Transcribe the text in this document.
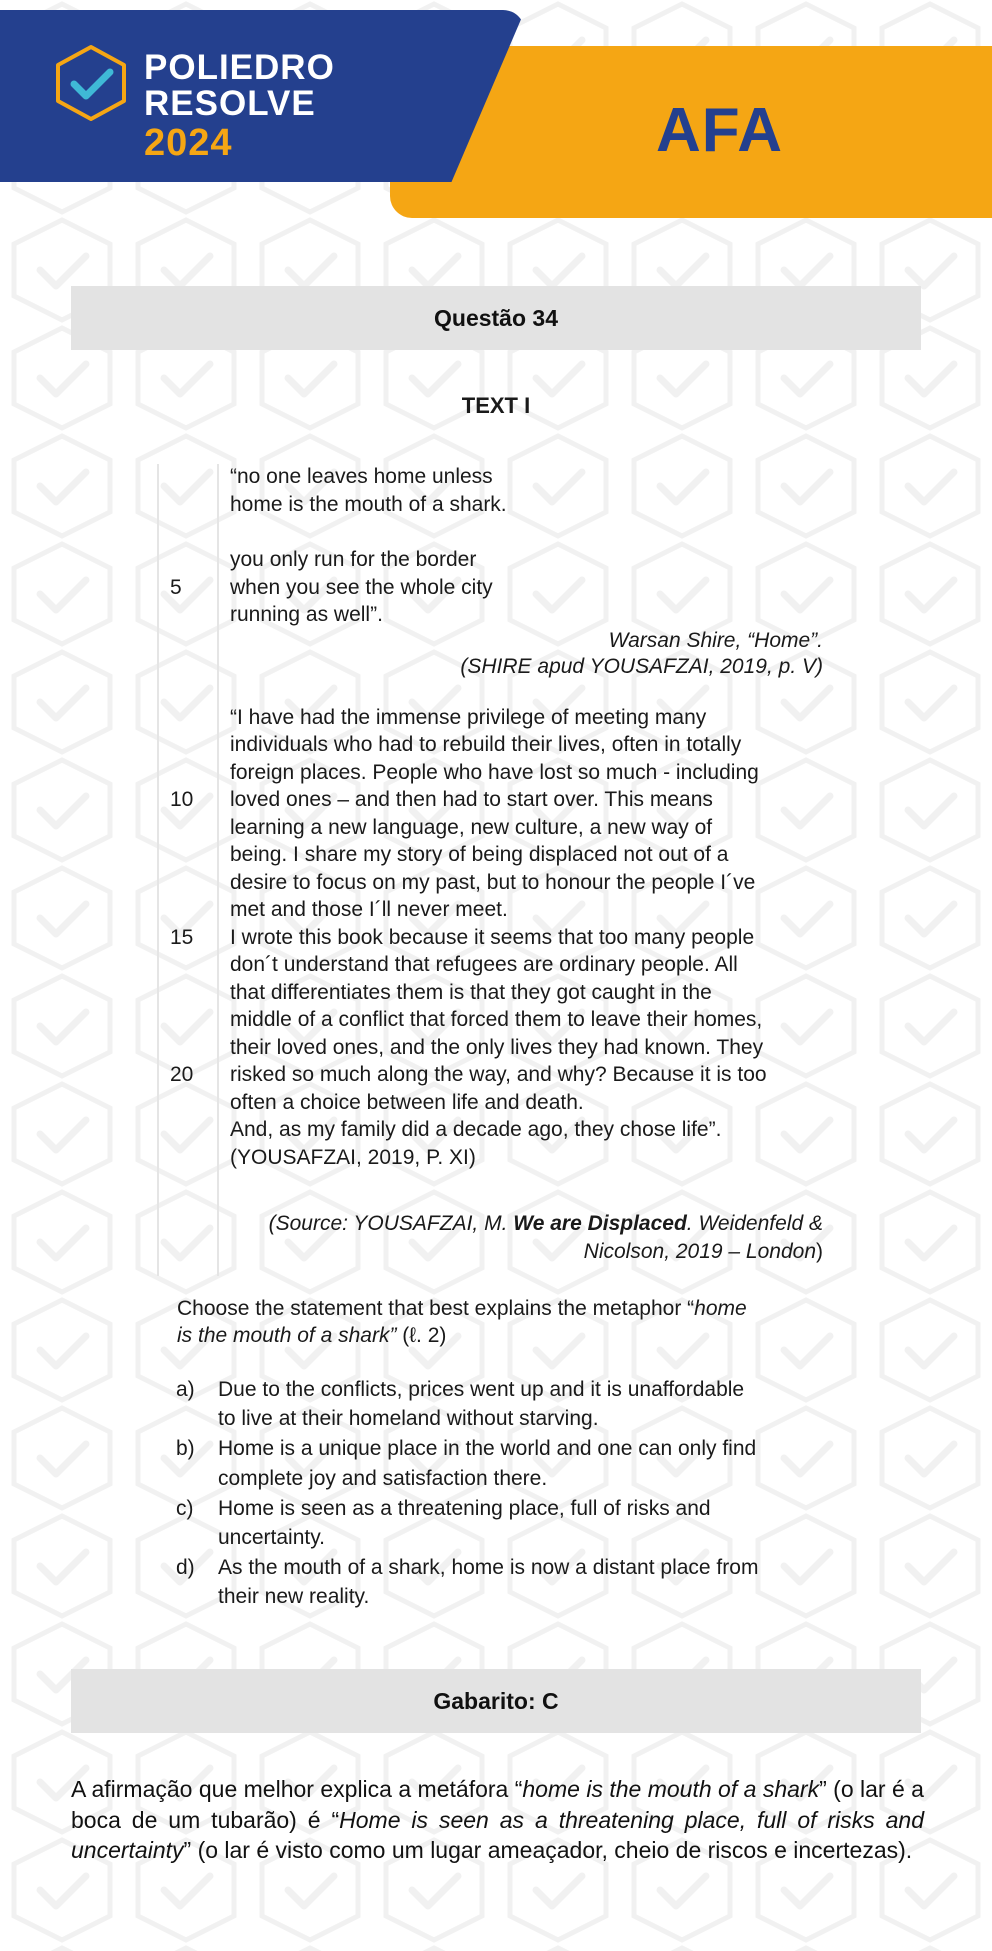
POLIEDRO
RESOLVE
2024	AFA
Questão 34
TEXT I
“no one leaves home unless
home is the mouth of a shark.
you only run for the border
when you see the whole city
running as well”.
5
Warsan Shire, “Home”.
(SHIRE apud YOUSAFZAI, 2019, p. V)
“I have had the immense privilege of meeting many
individuals who had to rebuild their lives, often in totally
foreign places. People who have lost so much - including
loved ones – and then had to start over. This means
learning a new language, new culture, a new way of
being. I share my story of being displaced not out of a
desire to focus on my past, but to honour the people I´ve
met and those I´ll never meet.
I wrote this book because it seems that too many people
don´t understand that refugees are ordinary people. All
that differentiates them is that they got caught in the
middle of a conflict that forced them to leave their homes,
their loved ones, and the only lives they had known. They
risked so much along the way, and why? Because it is too
often a choice between life and death.
And, as my family did a decade ago, they chose life”.
(YOUSAFZAI, 2019, P. XI)
10
15
20
(Source: YOUSAFZAI, M. We are Displaced. Weidenfeld &
Nicolson, 2019 – London)
Choose the statement that best explains the metaphor “home
is the mouth of a shark” (ℓ. 2)
a) Due to the conflicts, prices went up and it is unaffordable
to live at their homeland without starving.
b) Home is a unique place in the world and one can only find
complete joy and satisfaction there.
c) Home is seen as a threatening place, full of risks and
uncertainty.
d) As the mouth of a shark, home is now a distant place from
their new reality.
Gabarito: C
A afirmação que melhor explica a metáfora “home is the mouth of a shark” (o lar é a boca de um tubarão) é “Home is seen as a threatening place, full of risks and uncertainty” (o lar é visto como um lugar ameaçador, cheio de riscos e incertezas).
